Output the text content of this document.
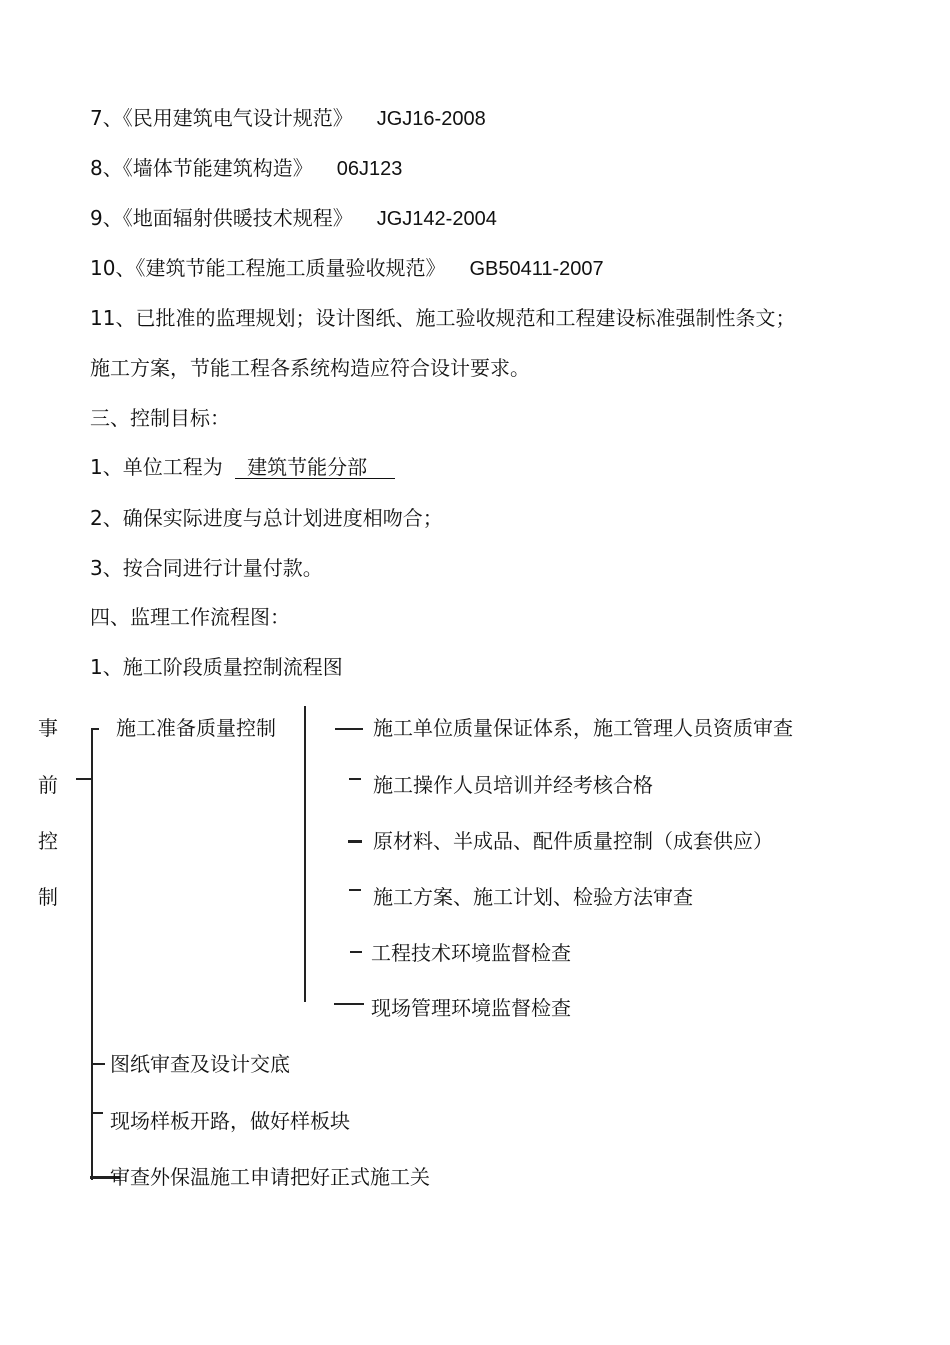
7、《民用建筑电气设计规范》 JGJ16-2008
8、《墙体节能建筑构造》 06J123
9、《地面辐射供暖技术规程》 JGJ142-2004
10、《建筑节能工程施工质量验收规范》 GB50411-2007
11、已批准的监理规划；设计图纸、施工验收规范和工程建设标准强制性条文；
施工方案，节能工程各系统构造应符合设计要求。
三、控制目标：
1、单位工程为 建筑节能分部
2、确保实际进度与总计划进度相吻合；
3、按合同进行计量付款。
四、监理工作流程图：
1、施工阶段质量控制流程图
事
前
控
制
施工准备质量控制	施工单位质量保证体系，施工管理人员资质审查
施工操作人员培训并经考核合格
原材料、半成品、配件质量控制（成套供应）
施工方案、施工计划、检验方法审查
工程技术环境监督检查
现场管理环境监督检查
图纸审查及设计交底
现场样板开路，做好样板块
审查外保温施工申请把好正式施工关
